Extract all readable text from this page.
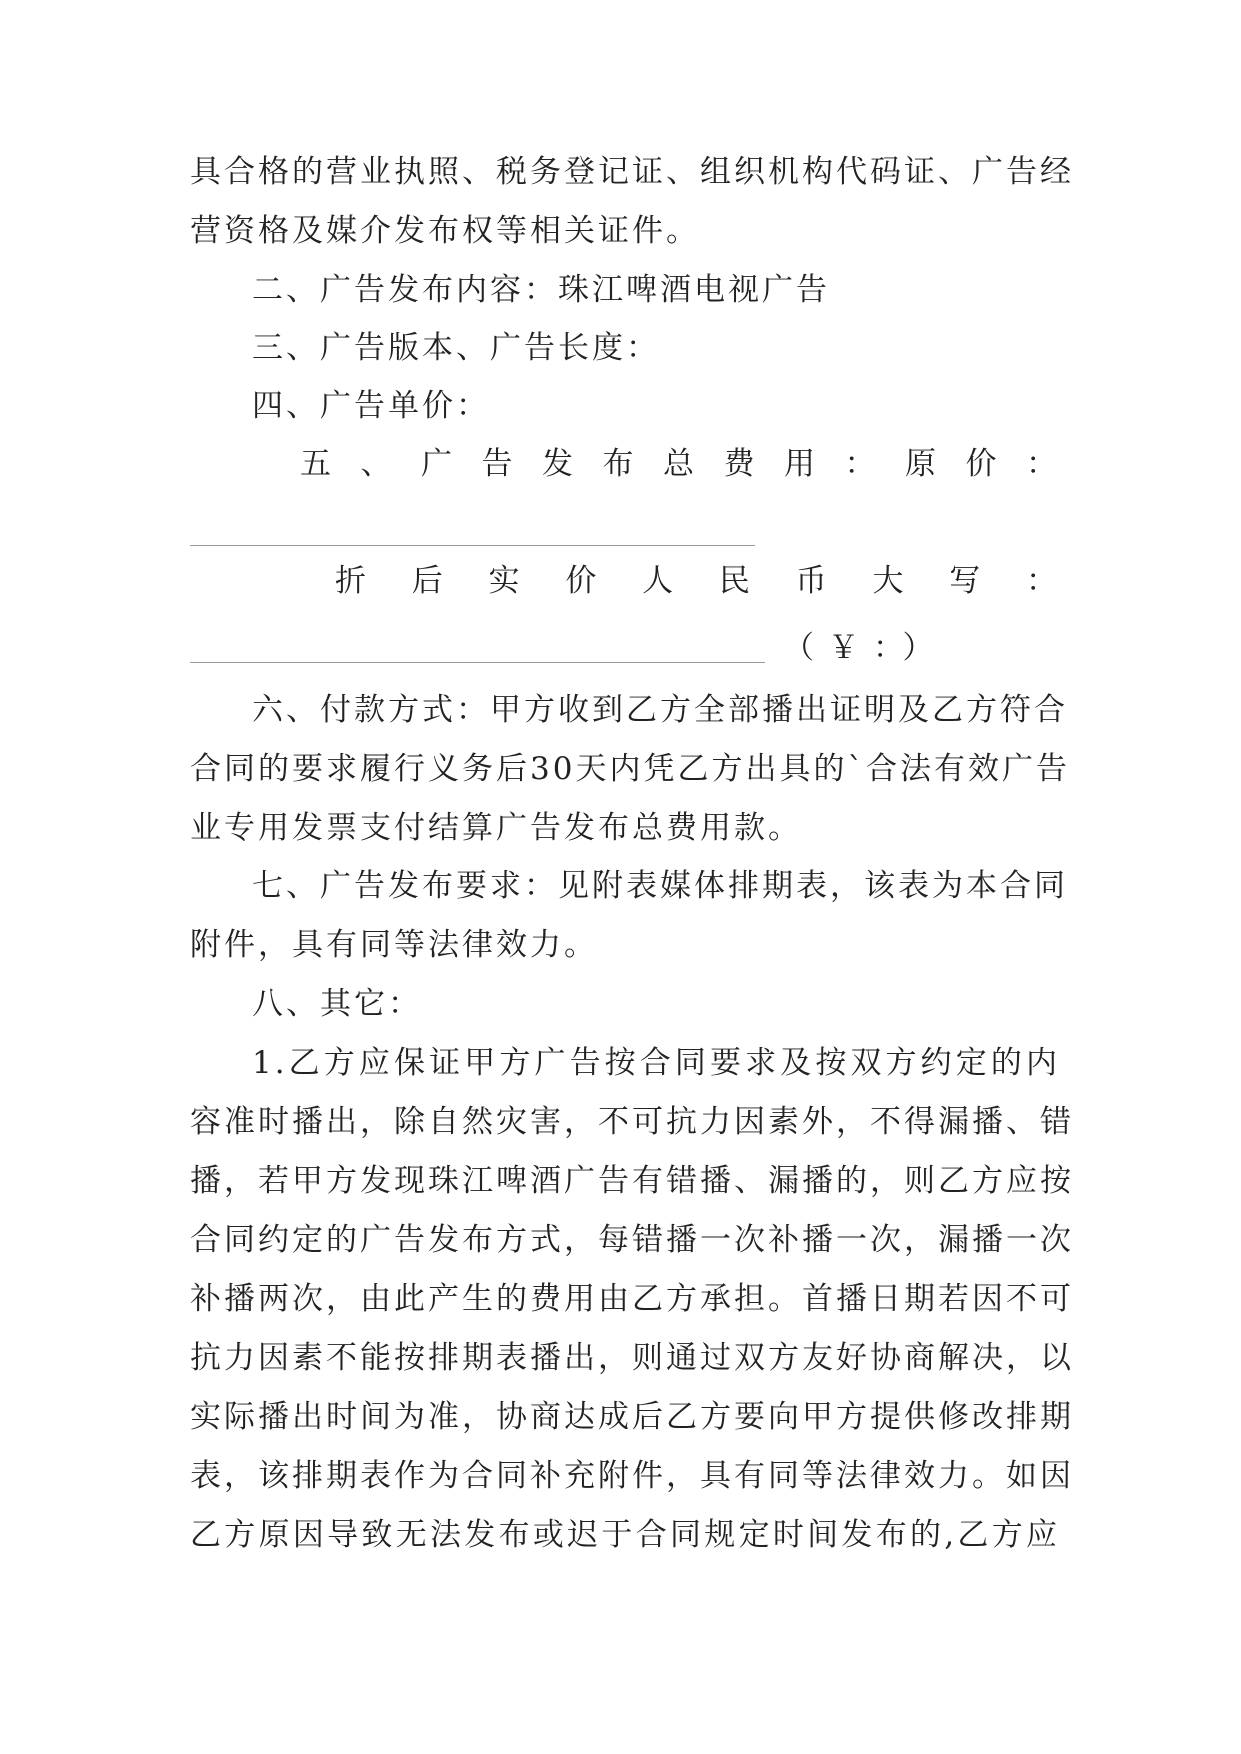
具合格的营业执照、税务登记证、组织机构代码证、广告经
营资格及媒介发布权等相关证件。
二、广告发布内容：珠江啤酒电视广告
三、广告版本、广告长度：
四、广告单价：
五、广告发布总费用：原价：
折后实价人民币大写：
（￥：）
六、付款方式：甲方收到乙方全部播出证明及乙方符合
合同的要求履行义务后30天内凭乙方出具的`合法有效广告
业专用发票支付结算广告发布总费用款。
七、广告发布要求：见附表媒体排期表，该表为本合同
附件，具有同等法律效力。
八、其它：
1.乙方应保证甲方广告按合同要求及按双方约定的内
容准时播出，除自然灾害，不可抗力因素外，不得漏播、错
播，若甲方发现珠江啤酒广告有错播、漏播的，则乙方应按
合同约定的广告发布方式，每错播一次补播一次，漏播一次
补播两次，由此产生的费用由乙方承担。首播日期若因不可
抗力因素不能按排期表播出，则通过双方友好协商解决，以
实际播出时间为准，协商达成后乙方要向甲方提供修改排期
表，该排期表作为合同补充附件，具有同等法律效力。如因
乙方原因导致无法发布或迟于合同规定时间发布的,乙方应
